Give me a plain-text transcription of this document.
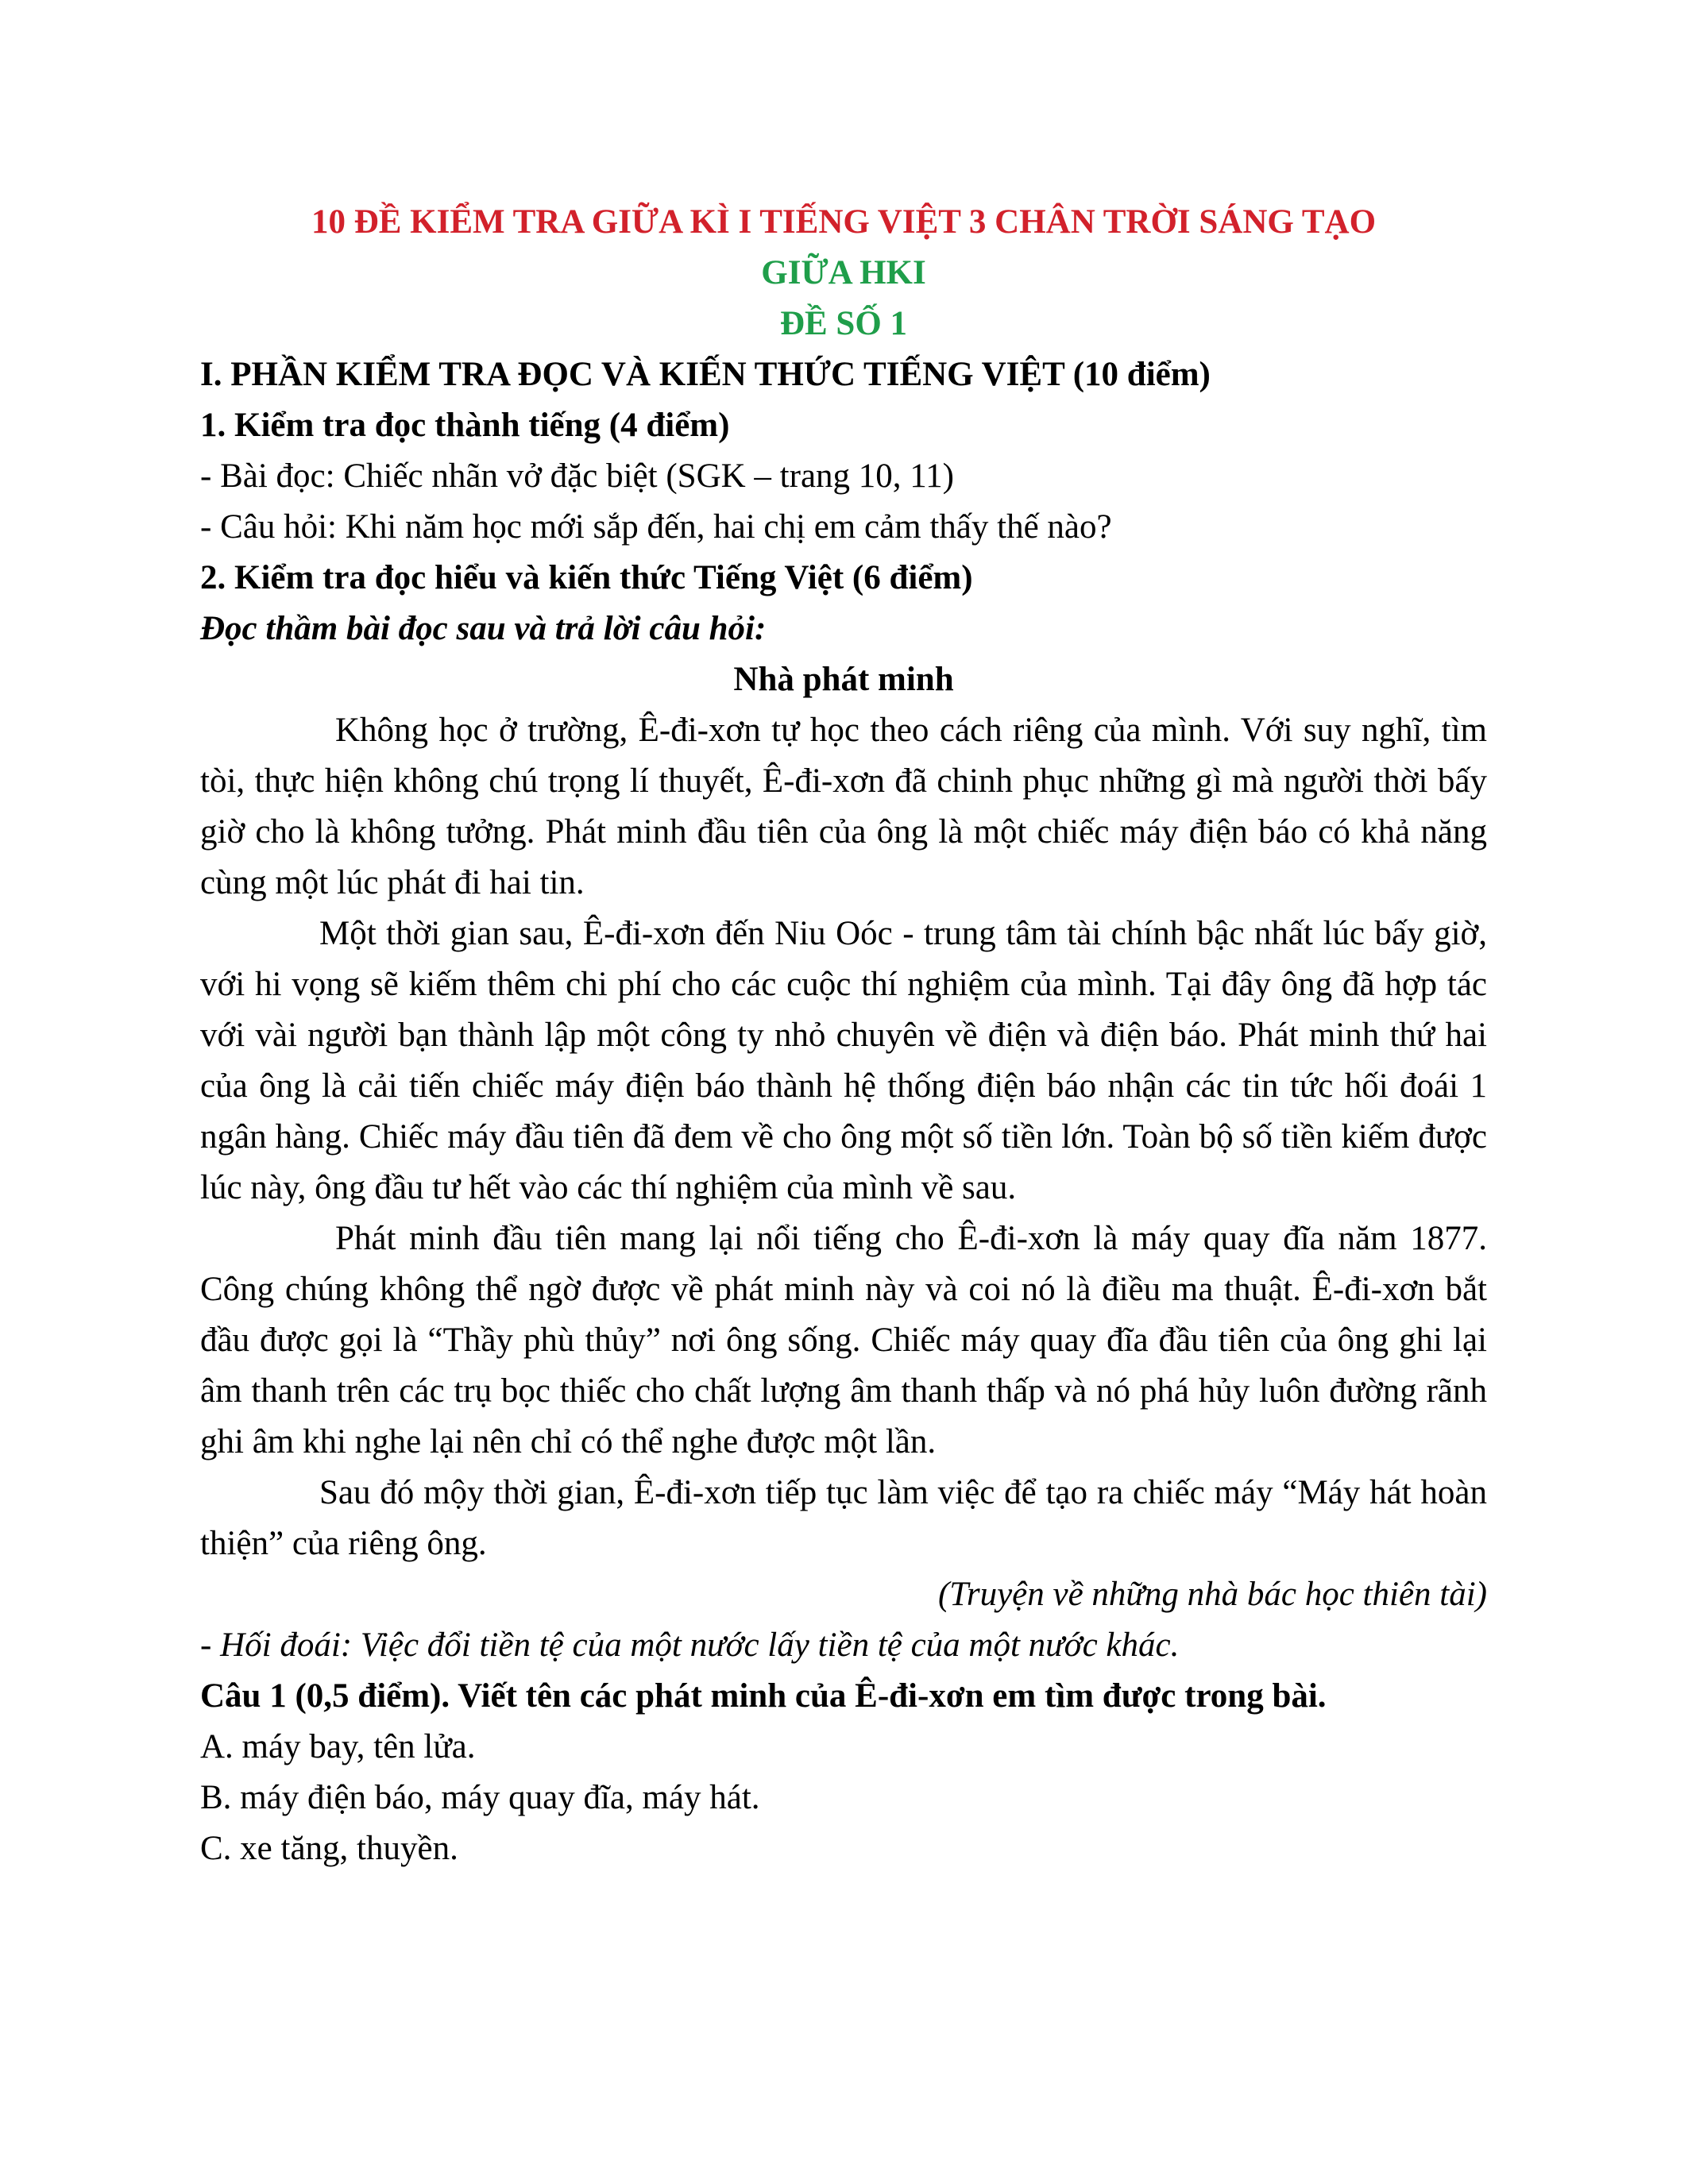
10 ĐỀ KIỂM TRA GIỮA KÌ I TIẾNG VIỆT 3 CHÂN TRỜI SÁNG TẠO

GIỮA HKI

ĐỀ SỐ 1

I. PHẦN KIỂM TRA ĐỌC VÀ KIẾN THỨC TIẾNG VIỆT (10 điểm)

1. Kiểm tra đọc thành tiếng (4 điểm)

- Bài đọc: Chiếc nhãn vở đặc biệt (SGK – trang 10, 11)

- Câu hỏi: Khi năm học mới sắp đến, hai chị em cảm thấy thế nào?

2. Kiểm tra đọc hiểu và kiến thức Tiếng Việt (6 điểm)

Đọc thầm bài đọc sau và trả lời câu hỏi:

Nhà phát minh

Không học ở trường, Ê-đi-xơn tự học theo cách riêng của mình. Với suy nghĩ, tìm tòi, thực hiện không chú trọng lí thuyết, Ê-đi-xơn đã chinh phục những gì mà người thời bấy giờ cho là không tưởng. Phát minh đầu tiên của ông là một chiếc máy điện báo có khả năng cùng một lúc phát đi hai tin.

Một thời gian sau, Ê-đi-xơn đến Niu Oóc - trung tâm tài chính bậc nhất lúc bấy giờ, với hi vọng sẽ kiếm thêm chi phí cho các cuộc thí nghiệm của mình. Tại đây ông đã hợp tác với vài người bạn thành lập một công ty nhỏ chuyên về điện và điện báo. Phát minh thứ hai của ông là cải tiến chiếc máy điện báo thành hệ thống điện báo nhận các tin tức hối đoái 1 ngân hàng. Chiếc máy đầu tiên đã đem về cho ông một số tiền lớn. Toàn bộ số tiền kiếm được lúc này, ông đầu tư hết vào các thí nghiệm của mình về sau.

Phát minh đầu tiên mang lại nổi tiếng cho Ê-đi-xơn là máy quay đĩa năm 1877. Công chúng không thể ngờ được về phát minh này và coi nó là điều ma thuật. Ê-đi-xơn bắt đầu được gọi là “Thầy phù thủy” nơi ông sống. Chiếc máy quay đĩa đầu tiên của ông ghi lại âm thanh trên các trụ bọc thiếc cho chất lượng âm thanh thấp và nó phá hủy luôn đường rãnh ghi âm khi nghe lại nên chỉ có thể nghe được một lần.

Sau đó mộy thời gian, Ê-đi-xơn tiếp tục làm việc để tạo ra chiếc máy “Máy hát hoàn thiện” của riêng ông.

(Truyện về những nhà bác học thiên tài)

- Hối đoái: Việc đổi tiền tệ của một nước lấy tiền tệ của một nước khác.

Câu 1 (0,5 điểm). Viết tên các phát minh của Ê-đi-xơn em tìm được trong bài.

A. máy bay, tên lửa.

B. máy điện báo, máy quay đĩa, máy hát.

C. xe tăng, thuyền.
